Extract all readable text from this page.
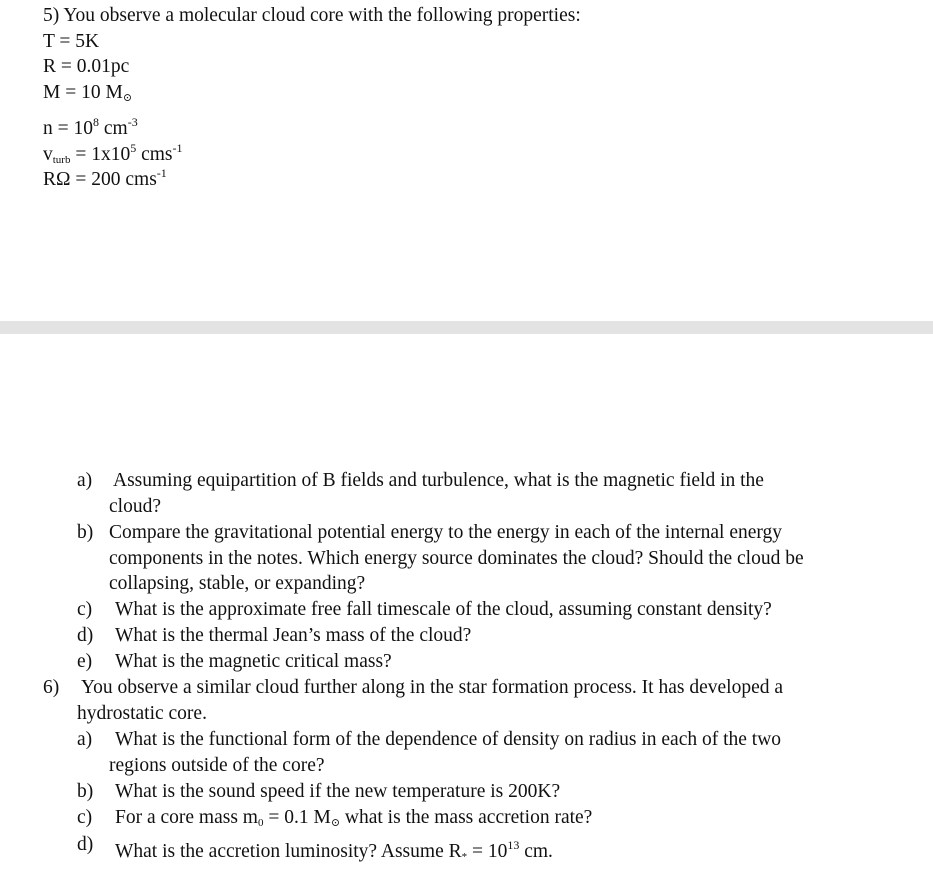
5) You observe a molecular cloud core with the following properties:
T = 5K
R = 0.01pc
M = 10 $M_⊙$
$n = 10^8$ $cm^{-3}$
$v_{turb} = 1x10^5$ cms$^{-1}$
RΩ = 200 cms$^{-1}$
a) Assuming equipartition of B fields and turbulence, what is the magnetic field in the
cloud?
b) Compare the gravitational potential energy to the energy in each of the internal energy
components in the notes. Which energy source dominates the cloud? Should the cloud be
collapsing, stable, or expanding?
c) What is the approximate free fall timescale of the cloud, assuming constant density?
d) What is the thermal Jean’s mass of the cloud?
e) What is the magnetic critical mass?
6) You observe a similar cloud further along in the star formation process. It has developed a
hydrostatic core.
a) What is the functional form of the dependence of density on radius in each of the two
regions outside of the core?
b) What is the sound speed if the new temperature is 200K?
c) For a core mass $m_0 = 0.1$ $M_⊙$ what is the mass accretion rate?
d) What is the accretion luminosity? Assume $R_* = 10^{13}$ cm.
